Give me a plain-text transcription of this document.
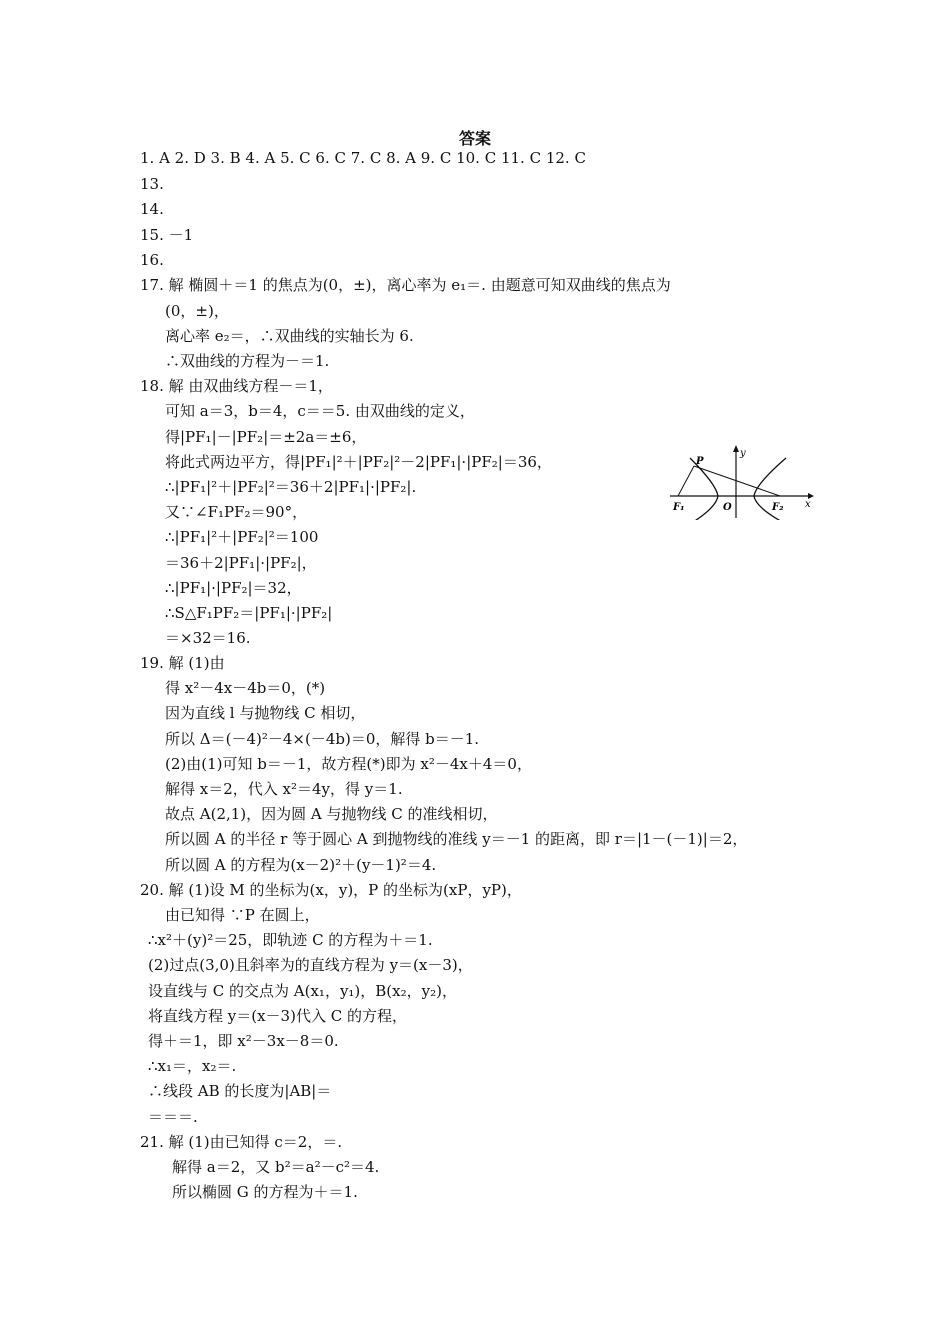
答案
1. A 2. D 3. B 4. A 5. C 6. C 7. C 8. A 9. C 10. C 11. C 12. C
13.
14.
15. －1
16.
17. 解 椭圆＋＝1 的焦点为(0，±)，离心率为 e₁＝. 由题意可知双曲线的焦点为
(0，±)，
离心率 e₂＝，∴双曲线的实轴长为 6.
∴双曲线的方程为－＝1.
18. 解 由双曲线方程－＝1，
可知 a＝3，b＝4，c＝＝5. 由双曲线的定义，
得|PF₁|－|PF₂|＝±2a＝±6，
将此式两边平方，得|PF₁|²＋|PF₂|²－2|PF₁|·|PF₂|＝36，
∴|PF₁|²＋|PF₂|²＝36＋2|PF₁|·|PF₂|.
又∵∠F₁PF₂＝90°，
∴|PF₁|²＋|PF₂|²＝100
＝36＋2|PF₁|·|PF₂|，
∴|PF₁|·|PF₂|＝32，
∴S△F₁PF₂＝|PF₁|·|PF₂|
＝×32＝16.
19. 解 (1)由
得 x²－4x－4b＝0，(*)
因为直线 l 与抛物线 C 相切，
所以 Δ＝(－4)²－4×(－4b)＝0，解得 b＝－1.
(2)由(1)可知 b＝－1，故方程(*)即为 x²－4x＋4＝0，
解得 x＝2，代入 x²＝4y，得 y＝1.
故点 A(2,1)，因为圆 A 与抛物线 C 的准线相切，
所以圆 A 的半径 r 等于圆心 A 到抛物线的准线 y＝－1 的距离，即 r＝|1－(－1)|＝2，
所以圆 A 的方程为(x－2)²＋(y－1)²＝4.
20. 解 (1)设 M 的坐标为(x，y)，P 的坐标为(xP，yP)，
由已知得 ∵P 在圆上，
∴x²＋(y)²＝25，即轨迹 C 的方程为＋＝1.
(2)过点(3,0)且斜率为的直线方程为 y＝(x－3)，
设直线与 C 的交点为 A(x₁，y₁)，B(x₂，y₂)，
将直线方程 y＝(x－3)代入 C 的方程，
得＋＝1，即 x²－3x－8＝0.
∴x₁＝，x₂＝.
∴线段 AB 的长度为|AB|＝
＝＝＝.
21. 解 (1)由已知得 c＝2，＝.
解得 a＝2，又 b²＝a²－c²＝4.
所以椭圆 G 的方程为＋＝1.
P
y
F₁	O	F₂ x
